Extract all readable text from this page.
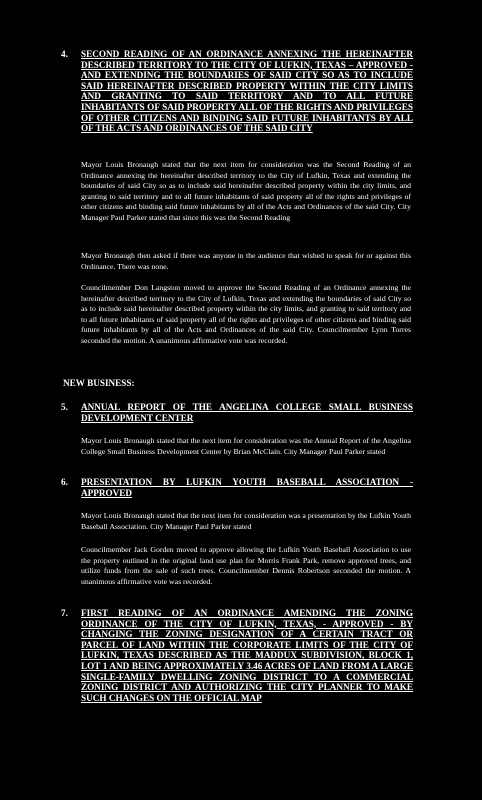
4. SECOND READING OF AN ORDINANCE ANNEXING THE HEREINAFTER DESCRIBED TERRITORY TO THE CITY OF LUFKIN, TEXAS – APPROVED - AND EXTENDING THE BOUNDARIES OF SAID CITY SO AS TO INCLUDE SAID HEREINAFTER DESCRIBED PROPERTY WITHIN THE CITY LIMITS AND GRANTING TO SAID TERRITORY AND TO ALL FUTURE INHABITANTS OF SAID PROPERTY ALL OF THE RIGHTS AND PRIVILEGES OF OTHER CITIZENS AND BINDING SAID FUTURE INHABITANTS BY ALL OF THE ACTS AND ORDINANCES OF THE SAID CITY
Mayor Louis Bronaugh stated that the next item for consideration was the Second Reading of an Ordinance annexing the hereinafter described territory to the City of Lufkin, Texas and extending the boundaries of said City so as to include said hereinafter described property within the city limits, and granting to said territory and to all future inhabitants of said property all of the rights and privileges of other citizens and binding said future inhabitants by all of the Acts and Ordinances of the said City. City Manager Paul Parker stated that since this was the Second Reading
Mayor Bronaugh then asked if there was anyone in the audience that wished to speak for or against this Ordinance. There was none.
Councilmember Don Langston moved to approve the Second Reading of an Ordinance annexing the hereinafter described territory to the City of Lufkin, Texas and extending the boundaries of said City so as to include said hereinafter described property within the city limits, and granting to said territory and to all future inhabitants of said property all of the rights and privileges of other citizens and binding said future inhabitants by all of the Acts and Ordinances of the said City. Councilmember Lynn Torres seconded the motion. A unanimous affirmative vote was recorded.
NEW BUSINESS:
5. ANNUAL REPORT OF THE ANGELINA COLLEGE SMALL BUSINESS DEVELOPMENT CENTER
Mayor Louis Bronaugh stated that the next item for consideration was the Annual Report of the Angelina College Small Business Development Center by Brian McClain. City Manager Paul Parker stated
6. PRESENTATION BY LUFKIN YOUTH BASEBALL ASSOCIATION - APPROVED
Mayor Louis Bronaugh stated that the next item for consideration was a presentation by the Lufkin Youth Baseball Association. City Manager Paul Parker stated
Councilmember Jack Gorden moved to approve allowing the Lufkin Youth Baseball Association to use the property outlined in the original land use plan for Morris Frank Park, remove approved trees, and utilize funds from the sale of such trees. Councilmember Dennis Robertson seconded the motion. A unanimous affirmative vote was recorded.
7. FIRST READING OF AN ORDINANCE AMENDING THE ZONING ORDINANCE OF THE CITY OF LUFKIN, TEXAS, - APPROVED - BY CHANGING THE ZONING DESIGNATION OF A CERTAIN TRACT OR PARCEL OF LAND WITHIN THE CORPORATE LIMITS OF THE CITY OF LUFKIN, TEXAS DESCRIBED AS THE MADDUX SUBDIVISION, BLOCK 1, LOT 1 AND BEING APPROXIMATELY 3.46 ACRES OF LAND FROM A LARGE SINGLE-FAMILY DWELLING ZONING DISTRICT TO A COMMERCIAL ZONING DISTRICT AND AUTHORIZING THE CITY PLANNER TO MAKE SUCH CHANGES ON THE OFFICIAL MAP
